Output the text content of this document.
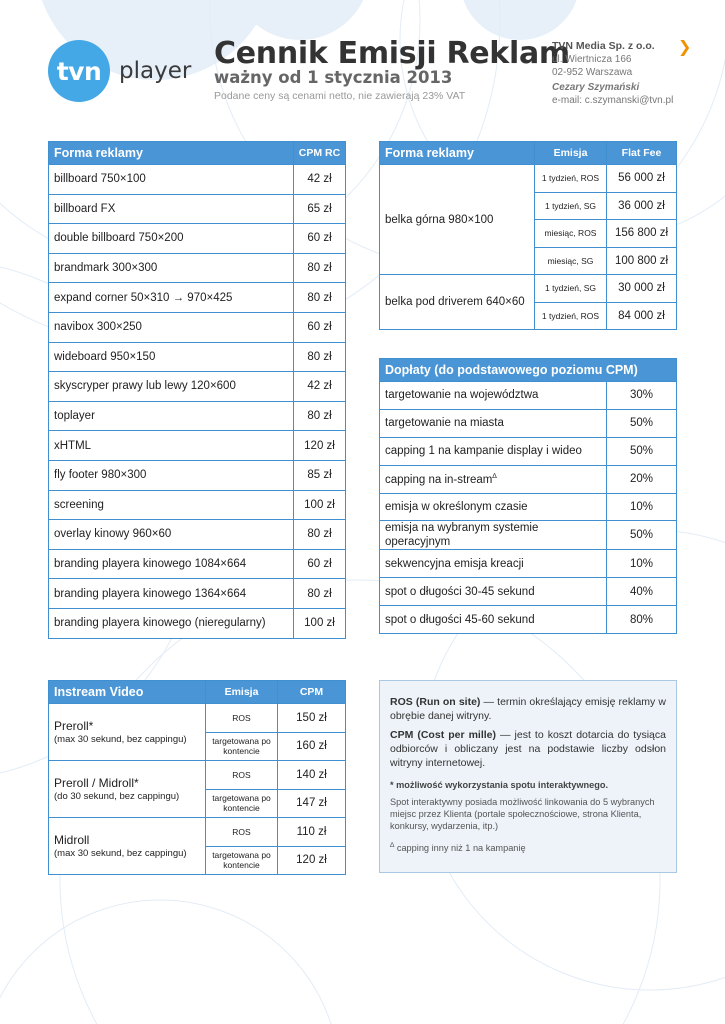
tvn player Cennik Emisji Reklam
ważny od 1 stycznia 2013
Podane ceny są cenami netto, nie zawierają 23% VAT
TVN Media Sp. z o.o.
ul. Wiertnicza 166
02-952 Warszawa
Cezary Szymański
e-mail: c.szymanski@tvn.pl
❯
Forma reklamy	CPM RC
billboard 750×100	42 zł
billboard FX	65 zł
double billboard 750×200	60 zł
brandmark 300×300	80 zł
expand corner 50×310 → 970×425	80 zł
navibox 300×250	60 zł
wideboard 950×150	80 zł
skyscryper prawy lub lewy 120×600	42 zł
toplayer	80 zł
xHTML	120 zł
fly footer 980×300	85 zł
screening	100 zł
overlay kinowy 960×60	80 zł
branding playera kinowego 1084×664	60 zł
branding playera kinowego 1364×664	80 zł
branding playera kinowego (nieregularny)	100 zł
Forma reklamy	Emisja	Flat Fee
belka górna 980×100	1 tydzień, ROS	56 000 zł
	1 tydzień, SG	36 000 zł
	miesiąc, ROS	156 800 zł
	miesiąc, SG	100 800 zł
belka pod driverem 640×60	1 tydzień, SG	30 000 zł
	1 tydzień, ROS	84 000 zł
Dopłaty (do podstawowego poziomu CPM)	
targetowanie na województwa	30%
targetowanie na miasta	50%
capping 1 na kampanie display i wideo	50%
capping na in-stream∆	20%
emisja w określonym czasie	10%
emisja na wybranym systemie operacyjnym	50%
sekwencyjna emisja kreacji	10%
spot o długości 30-45 sekund	40%
spot o długości 45-60 sekund	80%
Instream Video	Emisja	CPM

Preroll*
(max 30 sekund, bez cappingu)	ROS	150 zł
	targetowana po kontencie	160 zł

Preroll / Midroll*
(do 30 sekund, bez cappingu)	ROS	140 zł
	targetowana po kontencie	147 zł

Midroll
(max 30 sekund, bez cappingu)	ROS	110 zł
	targetowana po kontencie	120 zł

ROS (Run on site) — termin określający emisję reklamy w obrębie danej witryny.

CPM (Cost per mille) — jest to koszt dotarcia do tysiąca odbiorców i obliczany jest na podstawie liczby odsłon witryny internetowej.

* możliwość wykorzystania spotu interaktywnego.
Spot interaktywny posiada możliwość linkowania do 5 wybranych miejsc przez Klienta (portale społecznościowe, strona Klienta, konkursy, wydarzenia, itp.)
∆ capping inny niż 1 na kampanię
